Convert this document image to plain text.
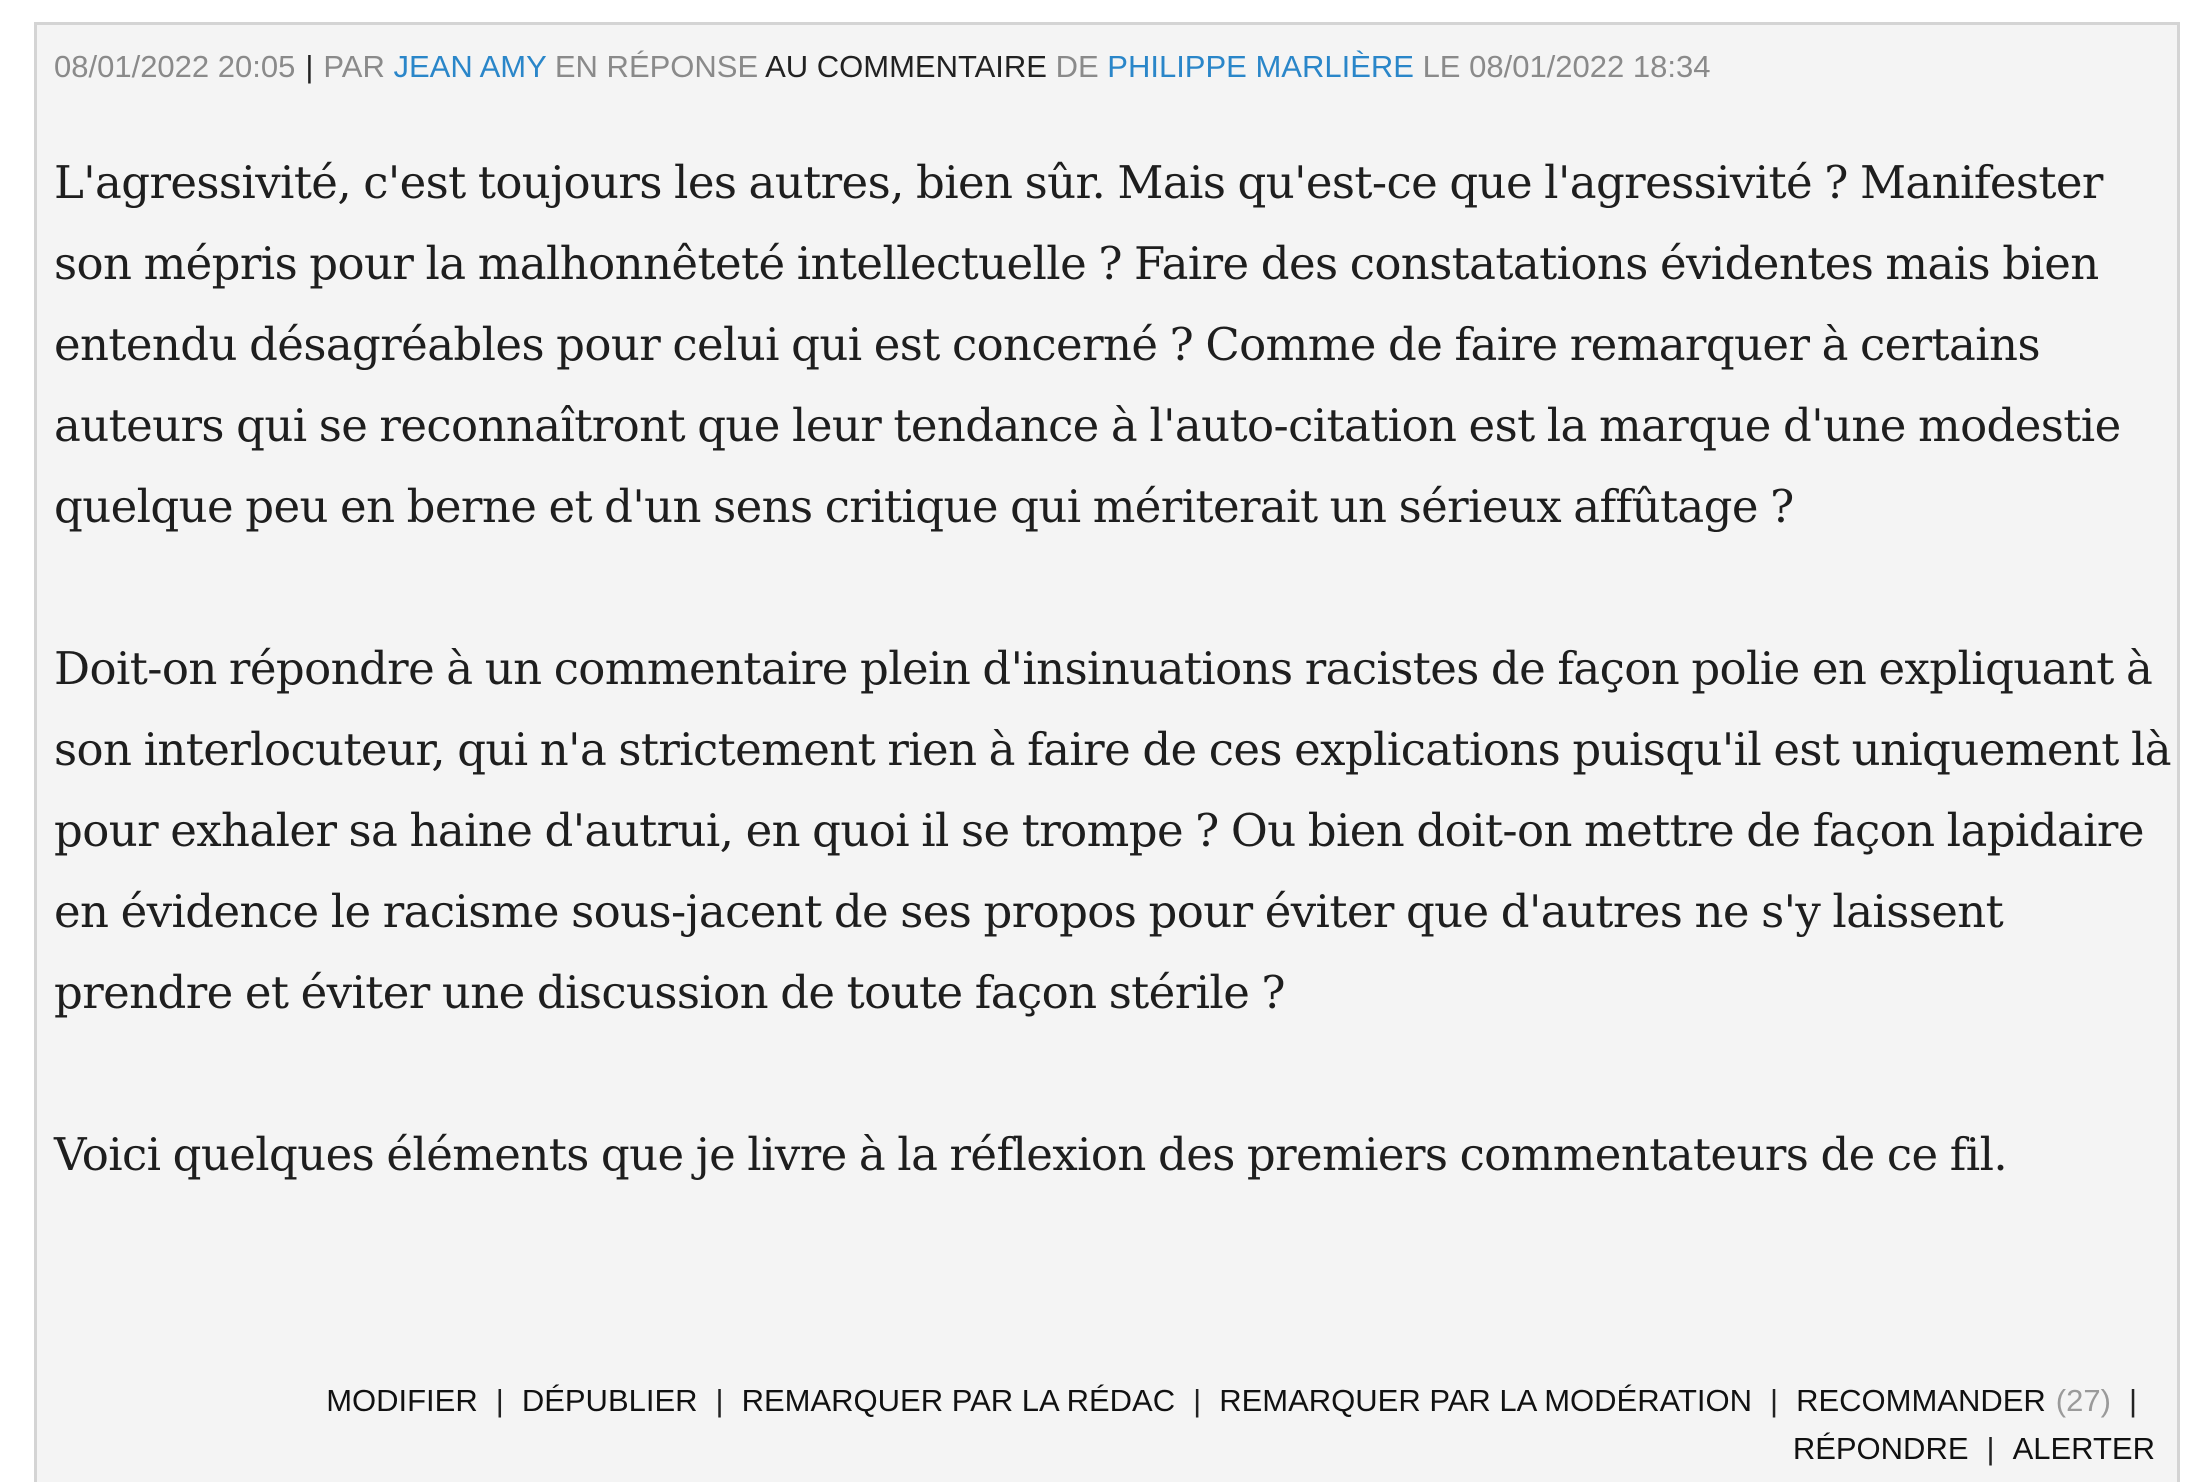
08/01/2022 20:05 | PAR JEAN AMY EN RÉPONSE AU COMMENTAIRE DE PHILIPPE MARLIÈRE LE 08/01/2022 18:34

L'agressivité, c'est toujours les autres, bien sûr. Mais qu'est-ce que l'agressivité ? Manifester son mépris pour la malhonnêteté intellectuelle ? Faire des constatations évidentes mais bien entendu désagréables pour celui qui est concerné ? Comme de faire remarquer à certains auteurs qui se reconnaîtront que leur tendance à l'auto-citation est la marque d'une modestie quelque peu en berne et d'un sens critique qui mériterait un sérieux affûtage ?

Doit-on répondre à un commentaire plein d'insinuations racistes de façon polie en expliquant à son interlocuteur, qui n'a strictement rien à faire de ces explications puisqu'il est uniquement là pour exhaler sa haine d'autrui, en quoi il se trompe ? Ou bien doit-on mettre de façon lapidaire en évidence le racisme sous-jacent de ses propos pour éviter que d'autres ne s'y laissent prendre et éviter une discussion de toute façon stérile ?

Voici quelques éléments que je livre à la réflexion des premiers commentateurs de ce fil.

MODIFIER | DÉPUBLIER | REMARQUER PAR LA RÉDAC | REMARQUER PAR LA MODÉRATION | RECOMMANDER (27) |
RÉPONDRE | ALERTER
